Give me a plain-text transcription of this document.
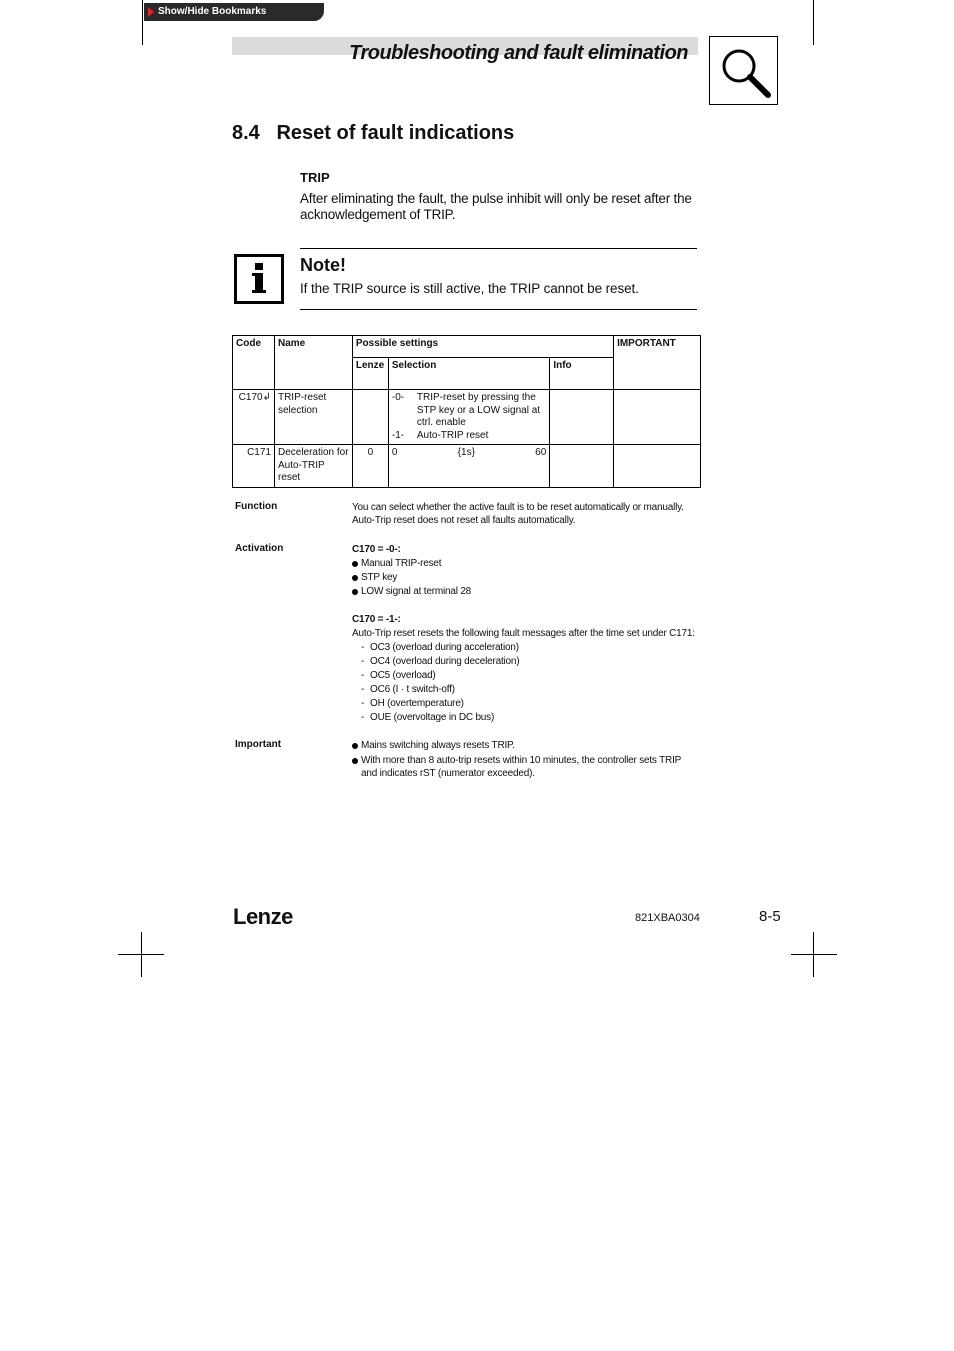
Show/Hide Bookmarks
Troubleshooting and fault elimination
8.4   Reset of fault indications
TRIP
After eliminating the fault, the pulse inhibit will only be reset after the acknowledgement of TRIP.
Note!
If the TRIP source is still active, the TRIP cannot be reset.
Code	Name	Possible settings			IMPORTANT
		Lenze	Selection	Info	
C170↲	TRIP-reset selection		-0- TRIP-reset by pressing the STP key or a LOW signal at ctrl. enable
-1- Auto-TRIP reset		

C171	Deceleration for Auto-TRIP reset	0	0 {1s} 60		

Function	You can select whether the active fault is to be reset automatically or manually.
Auto-Trip reset does not reset all faults automatically.
Activation	C170 = -0-:
Manual TRIP-reset
STP key
LOW signal at terminal 28
C170 = -1-:
Auto-Trip reset resets the following fault messages after the time set under C171:
- OC3 (overload during acceleration)
- OC4 (overload during deceleration)
- OC5 (overload)
- OC6 (I · t switch-off)
- OH (overtemperature)
- OUE (overvoltage in DC bus)
Important	Mains switching always resets TRIP.
With more than 8 auto-trip resets within 10 minutes, the controller sets TRIP and indicates rST (numerator exceeded).
Lenze	821XBA0304	8-5
